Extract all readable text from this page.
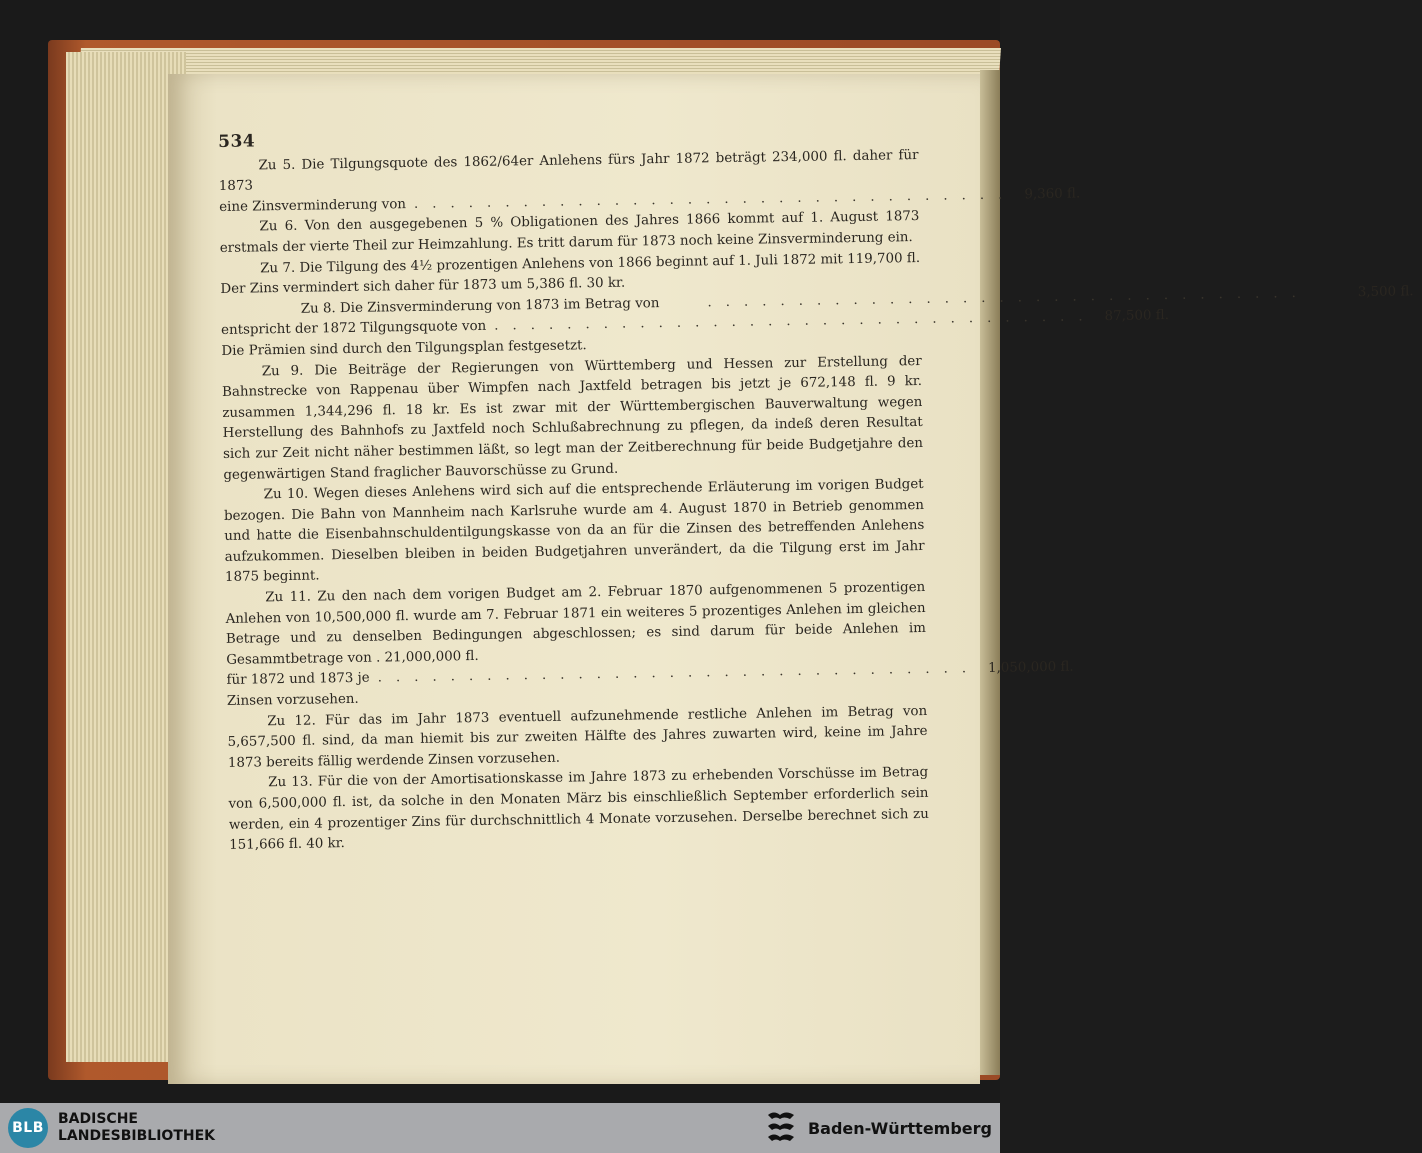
534

Zu 5. Die Tilgungsquote des 1862/64er Anlehens fürs Jahr 1872 beträgt 234,000 fl. daher für 1873

eine Zinsverminderung von ................................. 9,360 fl.

Zu 6. Von den ausgegebenen 5 % Obligationen des Jahres 1866 kommt auf 1. August 1873 erstmals der vierte Theil zur Heimzahlung. Es tritt darum für 1873 noch keine Zinsverminderung ein.

Zu 7. Die Tilgung des 4½ prozentigen Anlehens von 1866 beginnt auf 1. Juli 1872 mit 119,700 fl. Der Zins vermindert sich daher für 1873 um 5,386 fl. 30 kr.

Zu 8. Die Zinsverminderung von 1873 im Betrag von	.................................	3,500 fl.
entspricht der 1872 Tilgungsquote von ................................. 87,500 fl.

Die Prämien sind durch den Tilgungsplan festgesetzt.

Zu 9. Die Beiträge der Regierungen von Württemberg und Hessen zur Erstellung der Bahnstrecke von Rappenau über Wimpfen nach Jaxtfeld betragen bis jetzt je 672,148 fl. 9 kr. zusammen 1,344,296 fl. 18 kr. Es ist zwar mit der Württembergischen Bauverwaltung wegen Herstellung des Bahnhofs zu Jaxtfeld noch Schlußabrechnung zu pflegen, da indeß deren Resultat sich zur Zeit nicht näher bestimmen läßt, so legt man der Zeitberechnung für beide Budgetjahre den gegenwärtigen Stand fraglicher Bauvorschüsse zu Grund.

Zu 10. Wegen dieses Anlehens wird sich auf die entsprechende Erläuterung im vorigen Budget bezogen. Die Bahn von Mannheim nach Karlsruhe wurde am 4. August 1870 in Betrieb genommen und hatte die Eisenbahnschuldentilgungskasse von da an für die Zinsen des betreffenden Anlehens aufzukommen. Dieselben bleiben in beiden Budgetjahren unverändert, da die Tilgung erst im Jahr 1875 beginnt.

Zu 11. Zu den nach dem vorigen Budget am 2. Februar 1870 aufgenommenen 5 prozentigen Anlehen von 10,500,000 fl. wurde am 7. Februar 1871 ein weiteres 5 prozentiges Anlehen im gleichen Betrage und zu denselben Bedingungen abgeschlossen; es sind darum für beide Anlehen im Gesammtbetrage von . 21,000,000 fl.

für 1872 und 1873 je ................................. 1,050,000 fl.

Zinsen vorzusehen.

Zu 12. Für das im Jahr 1873 eventuell aufzunehmende restliche Anlehen im Betrag von 5,657,500 fl. sind, da man hiemit bis zur zweiten Hälfte des Jahres zuwarten wird, keine im Jahre 1873 bereits fällig werdende Zinsen vorzusehen.

Zu 13. Für die von der Amortisationskasse im Jahre 1873 zu erhebenden Vorschüsse im Betrag von 6,500,000 fl. ist, da solche in den Monaten März bis einschließlich September erforderlich sein werden, ein 4 prozentiger Zins für durchschnittlich 4 Monate vorzusehen. Derselbe berechnet sich zu 151,666 fl. 40 kr.

BLB
BADISCHE
LANDESBIBLIOTHEK	Baden-Württemberg
